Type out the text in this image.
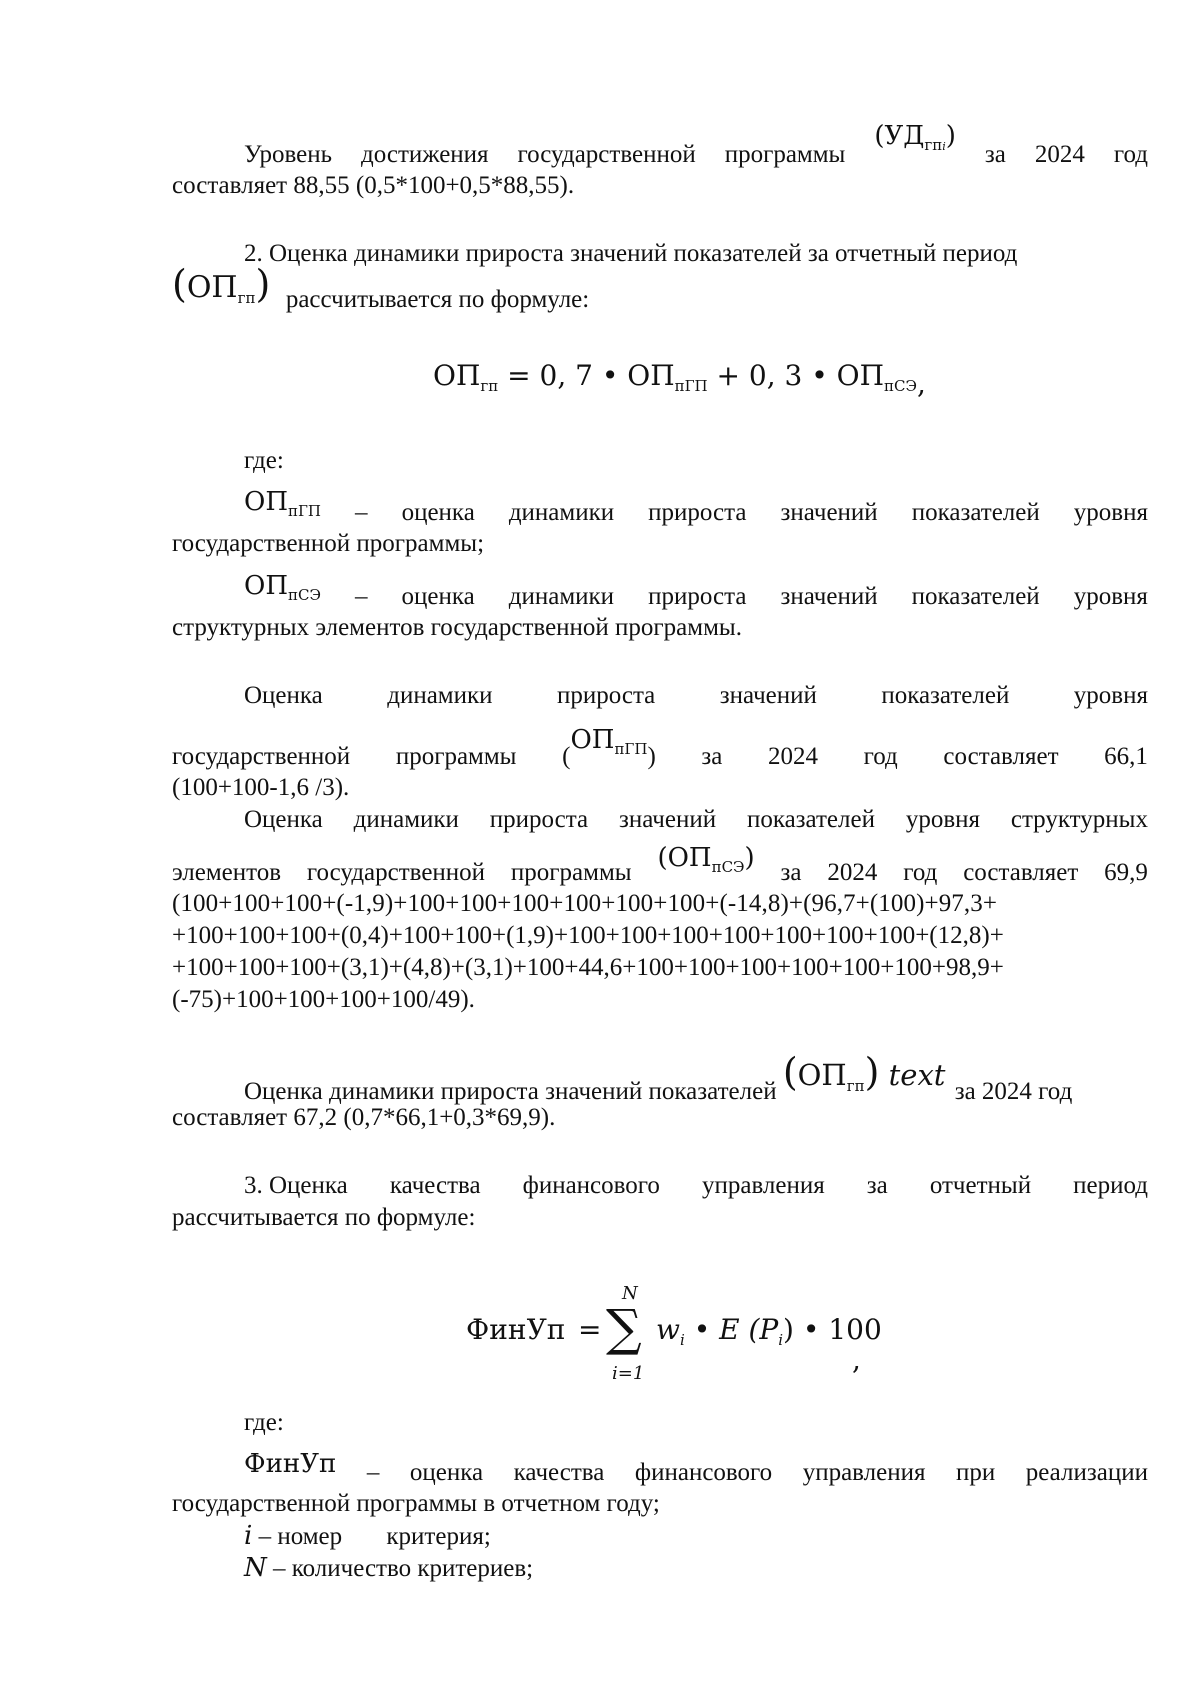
Уровень достижения государственной программы
$(УД_{гпi})$
за 2024 год
составляет 88,55 (0,5*100+0,5*88,55).
2. Оценка динамики прироста значений показателей за отчетный период
$(ОП_{гп})$ рассчитывается по формуле:
$ОП_{гп} = 0$, 7 • $ОП_{пГП} + 0$, 3 • $ОП_{пСЭ}$,
где:
$ОП_{пГП}$ – оценка динамики прироста значений показателей уровня
государственной программы;
$ОП_{пСЭ}$ – оценка динамики прироста значений показателей уровня
структурных элементов государственной программы.
Оценка	динамики	прироста	значений	показателей	уровня
государственной программы $(ОП_{пГП})$ за 2024 год составляет 66,1
(100+100-1,6 /3).
Оценка динамики прироста значений показателей уровня структурных
элементов государственной программы $(ОП_{пСЭ})$ за 2024 год составляет 69,9
(100+100+100+(-1,9)+100+100+100+100+100+100+(-14,8)+(96,7+(100)+97,3+
+100+100+100+(0,4)+100+100+(1,9)+100+100+100+100+100+100+100+(12,8)+
+100+100+100+(3,1)+(4,8)+(3,1)+100+44,6+100+100+100+100+100+100+98,9+
(-75)+100+100+100+100/49).
Оценка динамики прироста значений показателей $(ОП_{гп})$ text за 2024 год
составляет 67,2 (0,7*66,1+0,3*69,9).
3. Оценка качества финансового управления за отчетный период
рассчитывается по формуле:
ФинУп =
N
∑
i=1
$w_i$ • E $(P_i)$ • 100
,
где:
ФинУп – оценка качества финансового управления при реализации
государственной программы в отчетном году;
i – номер критерия;
N – количество критериев;
